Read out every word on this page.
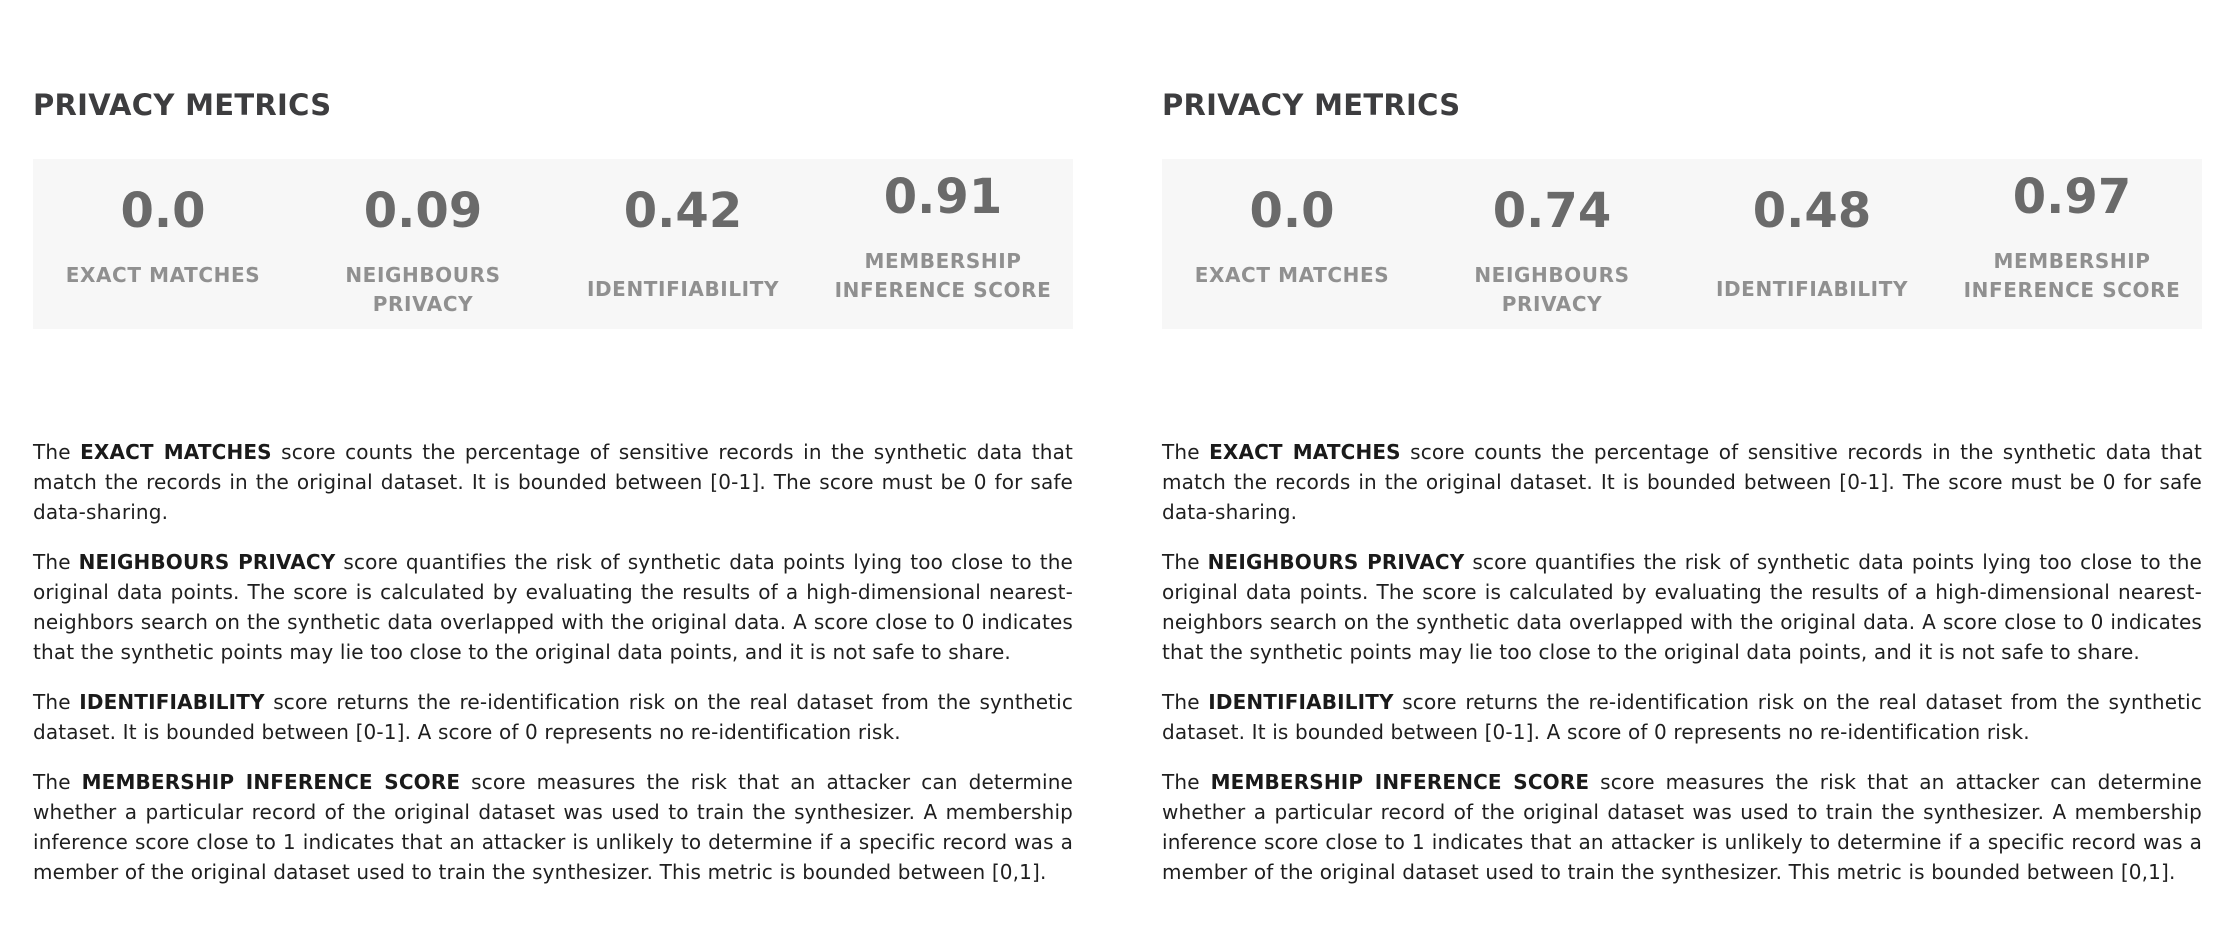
PRIVACY METRICS
0.0
EXACT MATCHES
0.09
NEIGHBOURS PRIVACY
0.42
IDENTIFIABILITY
0.91
MEMBERSHIP INFERENCE SCORE

The EXACT MATCHES score counts the percentage of sensitive records in the synthetic data that match the records in the original dataset. It is bounded between [0-1]. The score must be 0 for safe data-sharing.

The NEIGHBOURS PRIVACY score quantifies the risk of synthetic data points lying too close to the original data points. The score is calculated by evaluating the results of a high-dimensional nearest-neighbors search on the synthetic data overlapped with the original data. A score close to 0 indicates that the synthetic points may lie too close to the original data points, and it is not safe to share.

The IDENTIFIABILITY score returns the re-identification risk on the real dataset from the synthetic dataset. It is bounded between [0-1]. A score of 0 represents no re-identification risk.

The MEMBERSHIP INFERENCE SCORE score measures the risk that an attacker can determine whether a particular record of the original dataset was used to train the synthesizer. A membership inference score close to 1 indicates that an attacker is unlikely to determine if a specific record was a member of the original dataset used to train the synthesizer. This metric is bounded between [0,1].

PRIVACY METRICS
0.0
EXACT MATCHES
0.74
NEIGHBOURS PRIVACY
0.48
IDENTIFIABILITY
0.97
MEMBERSHIP INFERENCE SCORE

The EXACT MATCHES score counts the percentage of sensitive records in the synthetic data that match the records in the original dataset. It is bounded between [0-1]. The score must be 0 for safe data-sharing.

The NEIGHBOURS PRIVACY score quantifies the risk of synthetic data points lying too close to the original data points. The score is calculated by evaluating the results of a high-dimensional nearest-neighbors search on the synthetic data overlapped with the original data. A score close to 0 indicates that the synthetic points may lie too close to the original data points, and it is not safe to share.

The IDENTIFIABILITY score returns the re-identification risk on the real dataset from the synthetic dataset. It is bounded between [0-1]. A score of 0 represents no re-identification risk.

The MEMBERSHIP INFERENCE SCORE score measures the risk that an attacker can determine whether a particular record of the original dataset was used to train the synthesizer. A membership inference score close to 1 indicates that an attacker is unlikely to determine if a specific record was a member of the original dataset used to train the synthesizer. This metric is bounded between [0,1].
